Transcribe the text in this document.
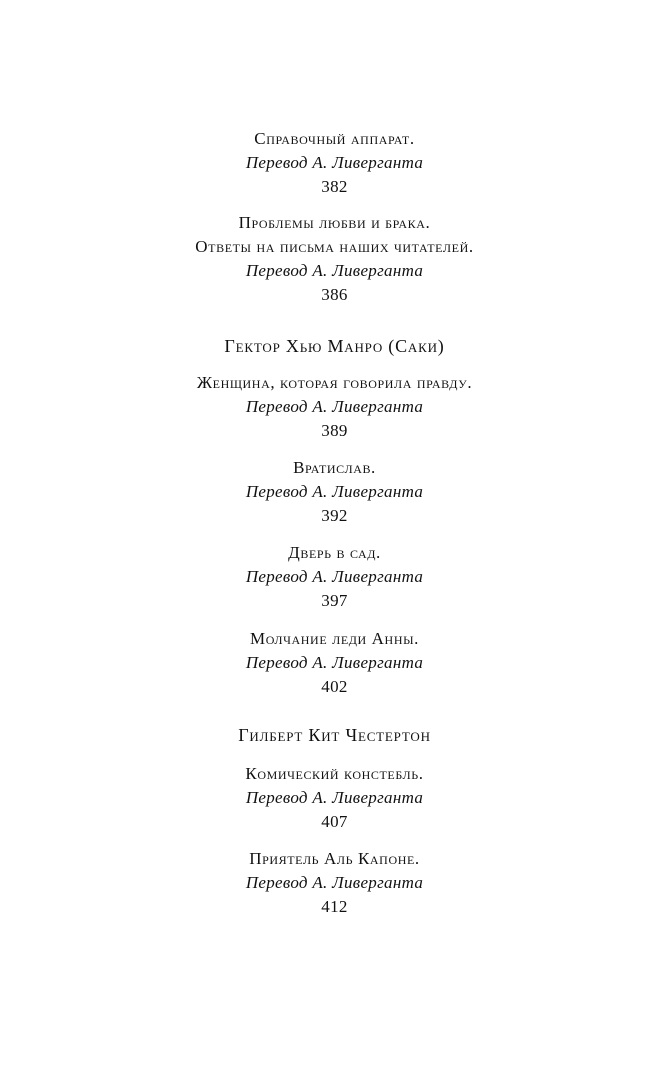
Справочный аппарат.
Перевод А. Ливерганта
382
Проблемы любви и брака.
Ответы на письма наших читателей.
Перевод А. Ливерганта
386
Гектор Хью Манро (Саки)
Женщина, которая говорила правду.
Перевод А. Ливерганта
389
Вратислав.
Перевод А. Ливерганта
392
Дверь в сад.
Перевод А. Ливерганта
397
Молчание леди Анны.
Перевод А. Ливерганта
402
Гилберт Кит Честертон
Комический констебль.
Перевод А. Ливерганта
407
Приятель Аль Капоне.
Перевод А. Ливерганта
412
